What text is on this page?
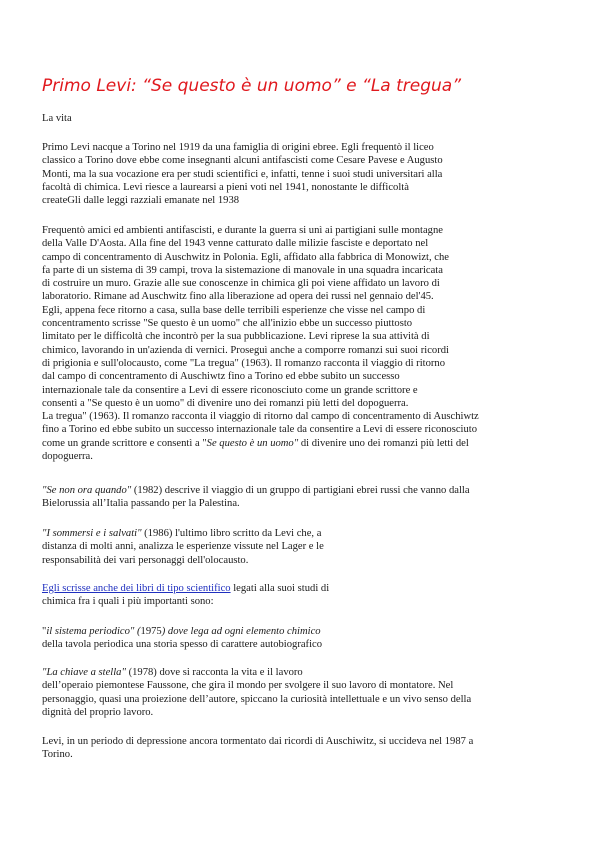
Primo Levi: “Se questo è un uomo” e “La tregua”
La vita
Primo Levi nacque a Torino nel 1919 da una famiglia di origini ebree. Egli frequentò il liceo
classico a Torino dove ebbe come insegnanti alcuni antifascisti come Cesare Pavese e Augusto
Monti, ma la sua vocazione era per studi scientifici e, infatti, tenne i suoi studi universitari alla
facoltà di chimica. Levi riesce a laurearsi a pieni voti nel 1941, nonostante le difficoltà
createGli dalle leggi razziali emanate nel 1938
Frequentò amici ed ambienti antifascisti, e durante la guerra si unì ai partigiani sulle montagne
della Valle D'Aosta. Alla fine del 1943 venne catturato dalle milizie fasciste e deportato nel
campo di concentramento di Auschwitz in Polonia. Egli, affidato alla fabbrica di Monowizt, che
fa parte di un sistema di 39 campi, trova la sistemazione di manovale in una squadra incaricata
di costruire un muro. Grazie alle sue conoscenze in chimica gli poi viene affidato un lavoro di
laboratorio. Rimane ad Auschwitz fino alla liberazione ad opera dei russi nel gennaio del'45.
Egli, appena fece ritorno a casa, sulla base delle terribili esperienze che visse nel campo di
concentramento scrisse "Se questo è un uomo" che all'inizio ebbe un successo piuttosto
limitato per le difficoltà che incontrò per la sua pubblicazione. Levi riprese la sua attività di
chimico, lavorando in un'azienda di vernici. Proseguì anche a comporre romanzi sui suoi ricordi
di prigionia e sull'olocausto, come "La tregua" (1963). Il romanzo racconta il viaggio di ritorno
dal campo di concentramento di Auschiwtz fino a Torino ed ebbe subito un successo
internazionale tale da consentire a Levi di essere riconosciuto come un grande scrittore e
consentì a "Se questo è un uomo" di divenire uno dei romanzi più letti del dopoguerra.
La tregua" (1963). Il romanzo racconta il viaggio di ritorno dal campo di concentramento di Auschiwtz
fino a Torino ed ebbe subito un successo internazionale tale da consentire a Levi di essere riconosciuto
come un grande scrittore e consentì a "Se questo è un uomo" di divenire uno dei romanzi più letti del
dopoguerra.
"Se non ora quando" (1982) descrive il viaggio di un gruppo di partigiani ebrei russi che vanno dalla
Bielorussia all’Italia passando per la Palestina.
"I sommersi e i salvati" (1986) l'ultimo libro scritto da Levi che, a
distanza di molti anni, analizza le esperienze vissute nel Lager e le
responsabilità dei vari personaggi dell'olocausto.
Egli scrisse anche dei libri di tipo scientifico legati alla suoi studi di
chimica fra i quali i più importanti sono:
"il sistema periodico" (1975) dove lega ad ogni elemento chimico
della tavola periodica una storia spesso di carattere autobiografico
"La chiave a stella" (1978) dove si racconta la vita e il lavoro
dell’operaio piemontese Faussone, che gira il mondo per svolgere il suo lavoro di montatore. Nel
personaggio, quasi una proiezione dell’autore, spiccano la curiosità intellettuale e un vivo senso della
dignità del proprio lavoro.
Levi, in un periodo di depressione ancora tormentato dai ricordi di Auschiwitz, si uccideva nel 1987 a
Torino.
